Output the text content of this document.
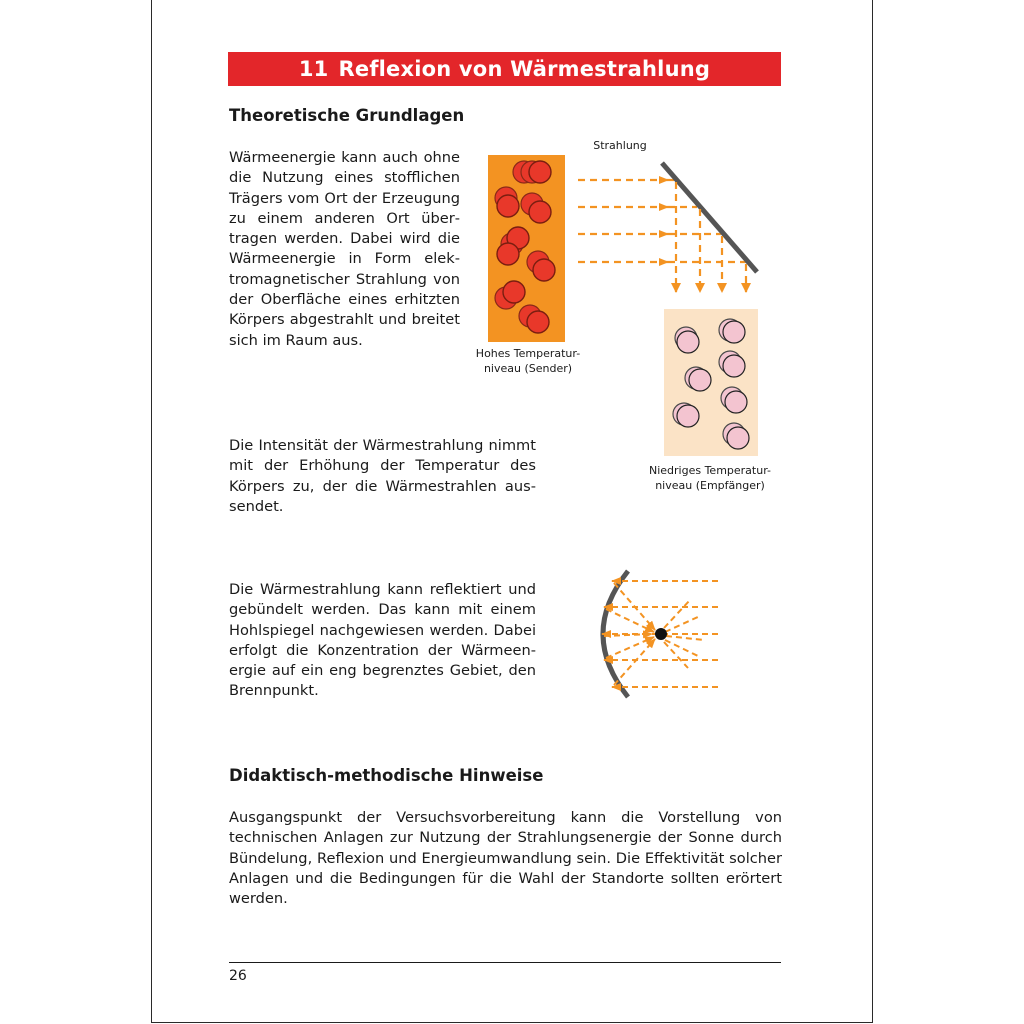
11 Reflexion von Wärmestrahlung
Theoretische Grundlagen

Wärmeenergie kann auch ohne die Nutzung eines stofflichen Trägers vom Ort der Erzeugung zu einem anderen Ort übertragen werden. Dabei wird die Wärmeenergie in Form elektromagnetischer Strahlung von der Oberfläche eines erhitzten Körpers abgestrahlt und breitet sich im Raum aus.

Die Intensität der Wärmestrahlung nimmt mit der Erhöhung der Temperatur des Körpers zu, der die Wärmestrahlen aussendet.

Die Wärmestrahlung kann reflektiert und gebündelt werden. Das kann mit einem Hohlspiegel nachgewiesen werden. Dabei erfolgt die Konzentration der Wärmeenergie auf ein eng begrenztes Gebiet, den Brennpunkt.

Strahlung

Hohes Temperatur-
niveau (Sender)
Niedriges Temperatur-
niveau (Empfänger)
Didaktisch-methodische Hinweise

Ausgangspunkt der Versuchsvorbereitung kann die Vorstellung von technischen Anlagen zur Nutzung der Strahlungsenergie der Sonne durch Bündelung, Reflexion und Energieumwandlung sein. Die Effektivität solcher Anlagen und die Bedingungen für die Wahl der Standorte sollten erörtert werden.

26
